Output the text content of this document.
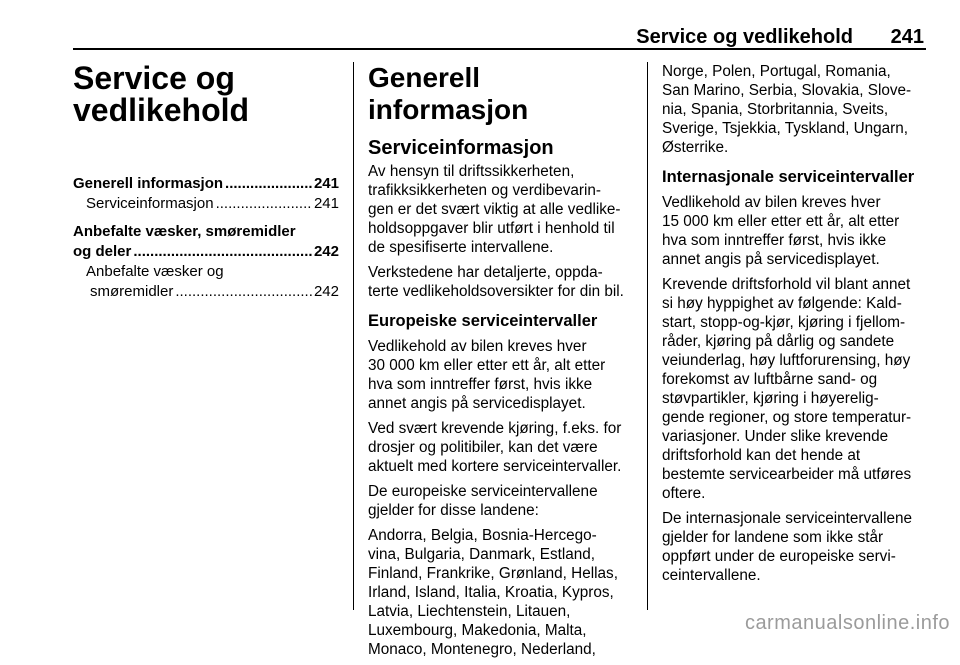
Service og vedlikehold 241
Service og
vedlikehold
Generell informasjon .....	241
Serviceinformasjon .....	241
Anbefalte væsker, smøremidler
og deler .....	242
Anbefalte væsker og
smøremidler .....	242
Generell informasjon
Serviceinformasjon

Av hensyn til driftssikkerheten,
trafikksikkerheten og verdibevarin-
gen er det svært viktig at alle vedlike-
holdsoppgaver blir utført i henhold til
de spesifiserte intervallene.

Verkstedene har detaljerte, oppda-
terte vedlikeholdsoversikter for din bil.

Europeiske serviceintervaller

Vedlikehold av bilen kreves hver
30 000 km eller etter ett år, alt etter
hva som inntreffer først, hvis ikke
annet angis på servicedisplayet.

Ved svært krevende kjøring, f.eks. for
drosjer og politibiler, kan det være
aktuelt med kortere serviceintervaller.

De europeiske serviceintervallene
gjelder for disse landene:

Andorra, Belgia, Bosnia-Hercego-
vina, Bulgaria, Danmark, Estland,
Finland, Frankrike, Grønland, Hellas,
Irland, Island, Italia, Kroatia, Kypros,
Latvia, Liechtenstein, Litauen,
Luxembourg, Makedonia, Malta,
Monaco, Montenegro, Nederland,

Norge, Polen, Portugal, Romania,
San Marino, Serbia, Slovakia, Slove-
nia, Spania, Storbritannia, Sveits,
Sverige, Tsjekkia, Tyskland, Ungarn,
Østerrike.

Internasjonale serviceintervaller

Vedlikehold av bilen kreves hver
15 000 km eller etter ett år, alt etter
hva som inntreffer først, hvis ikke
annet angis på servicedisplayet.

Krevende driftsforhold vil blant annet
si høy hyppighet av følgende: Kald-
start, stopp-og-kjør, kjøring i fjellom-
råder, kjøring på dårlig og sandete
veiunderlag, høy luftforurensing, høy
forekomst av luftbårne sand- og
støvpartikler, kjøring i høyerelig-
gende regioner, og store temperatur-
variasjoner. Under slike krevende
driftsforhold kan det hende at
bestemte servicearbeider må utføres
oftere.

De internasjonale serviceintervallene
gjelder for landene som ikke står
oppført under de europeiske servi-
ceintervallene.

carmanualsonline.info
